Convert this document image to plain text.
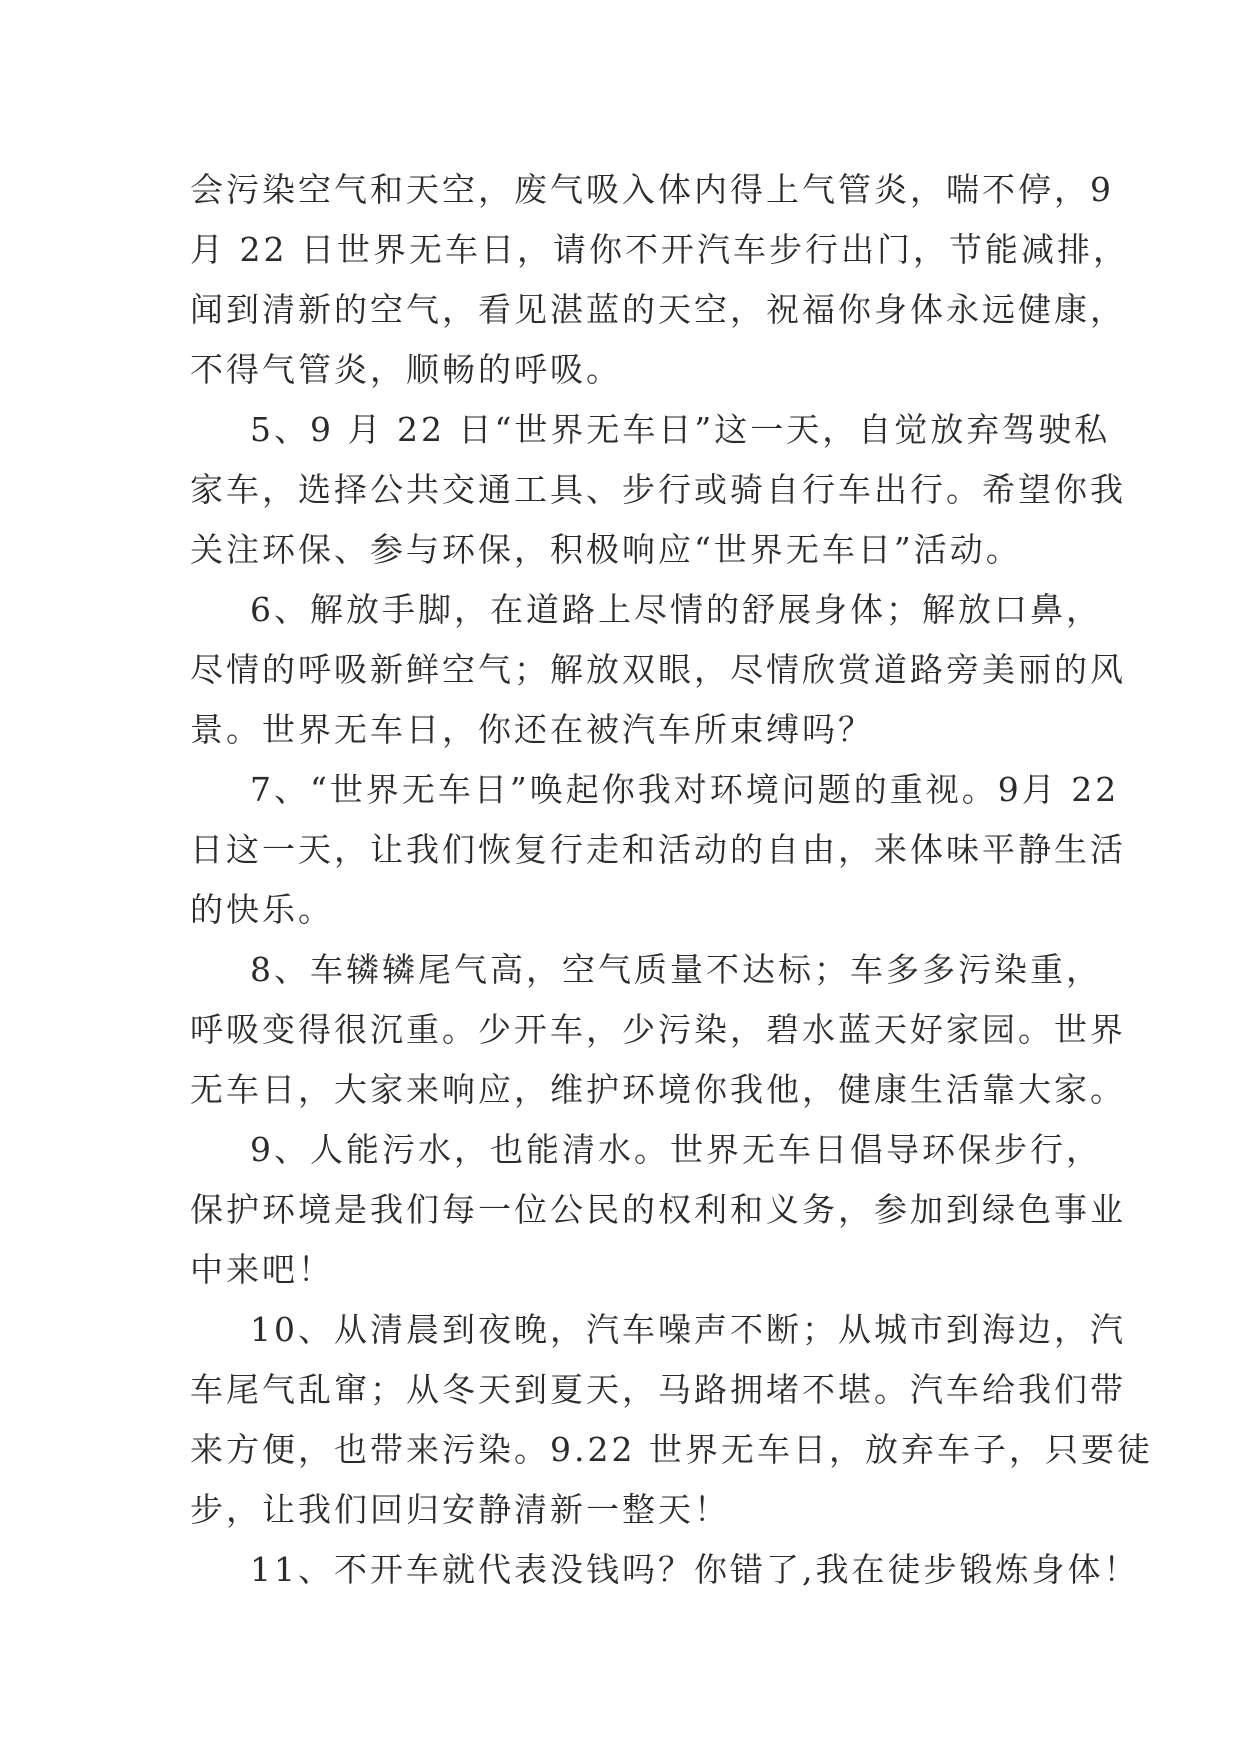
会污染空气和天空，废气吸入体内得上气管炎，喘不停，9
月 22 日世界无车日，请你不开汽车步行出门，节能减排，
闻到清新的空气，看见湛蓝的天空，祝福你身体永远健康，
不得气管炎，顺畅的呼吸。
5、9 月 22 日“世界无车日”这一天，自觉放弃驾驶私
家车，选择公共交通工具、步行或骑自行车出行。希望你我
关注环保、参与环保，积极响应“世界无车日”活动。
6、解放手脚，在道路上尽情的舒展身体；解放口鼻，
尽情的呼吸新鲜空气；解放双眼，尽情欣赏道路旁美丽的风
景。世界无车日，你还在被汽车所束缚吗？
7、“世界无车日”唤起你我对环境问题的重视。9月 22
日这一天，让我们恢复行走和活动的自由，来体味平静生活
的快乐。
8、车辚辚尾气高，空气质量不达标；车多多污染重，
呼吸变得很沉重。少开车，少污染，碧水蓝天好家园。世界
无车日，大家来响应，维护环境你我他，健康生活靠大家。
9、人能污水，也能清水。世界无车日倡导环保步行，
保护环境是我们每一位公民的权利和义务，参加到绿色事业
中来吧！
10、从清晨到夜晚，汽车噪声不断；从城市到海边，汽
车尾气乱窜；从冬天到夏天，马路拥堵不堪。汽车给我们带
来方便，也带来污染。9.22 世界无车日，放弃车子，只要徒
步，让我们回归安静清新一整天！
11、不开车就代表没钱吗？你错了,我在徒步锻炼身体！
